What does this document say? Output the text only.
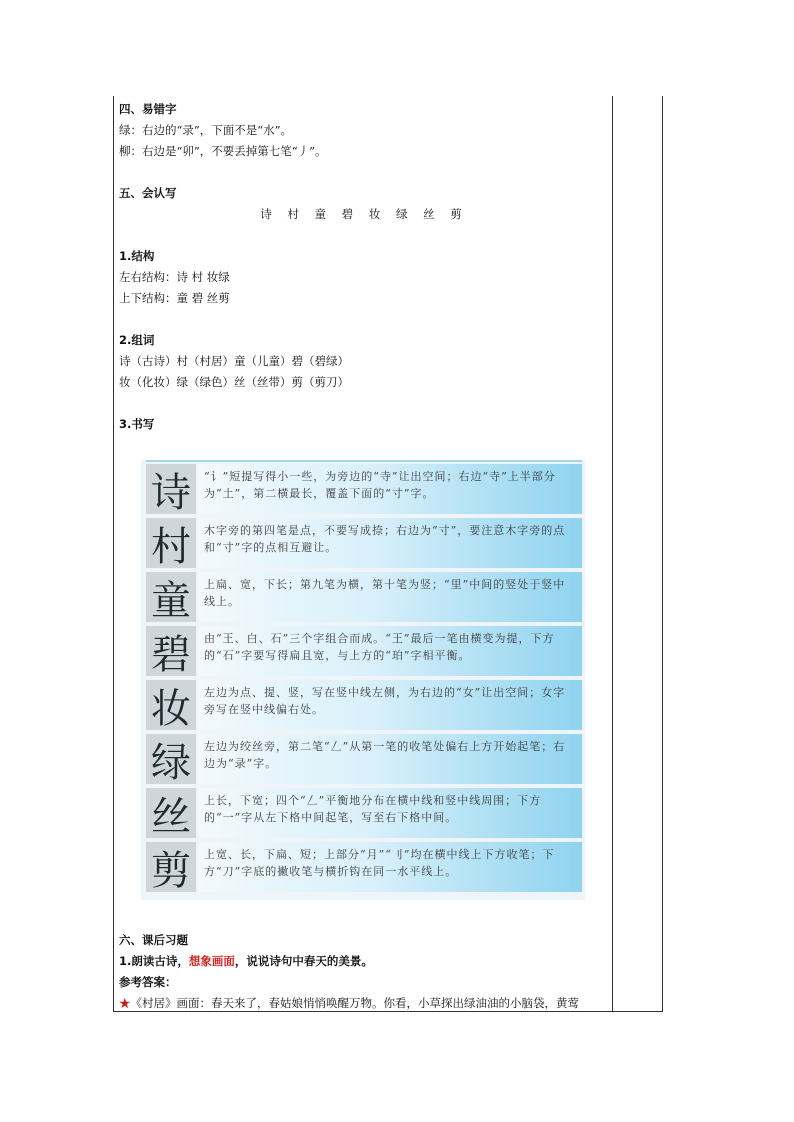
四、易错字
绿：右边的“录”，下面不是“水”。
柳：右边是“卯”，不要丢掉第七笔“丿”。
五、会认写
诗 村 童 碧 妆 绿 丝 剪
1.结构
左右结构：诗 村 妆绿
上下结构：童 碧 丝剪
2.组词
诗（古诗）村（村居）童（儿童）碧（碧绿）
妆（化妆）绿（绿色）丝（丝带）剪（剪刀）
3.书写
诗	“讠”短提写得小一些，为旁边的“寺”让出空间；右边“寺”上半部分为“土”，第二横最长，覆盖下面的“寸”字。
村	木字旁的第四笔是点，不要写成捺；右边为“寸”，要注意木字旁的点和“寸”字的点相互避让。
童	上扁、宽，下长；第九笔为横，第十笔为竖；“里”中间的竖处于竖中线上。
碧	由“王、白、石”三个字组合而成。“王”最后一笔由横变为提，下方的“石”字要写得扁且宽，与上方的“珀”字相平衡。
妆	左边为点、提、竖，写在竖中线左侧，为右边的“女”让出空间；女字旁写在竖中线偏右处。
绿	左边为绞丝旁，第二笔“𠃋”从第一笔的收笔处偏右上方开始起笔；右边为“录”字。
丝	上长，下宽；四个“𠃋”平衡地分布在横中线和竖中线周围；下方的“一”字从左下格中间起笔，写至右下格中间。
剪	上宽、长，下扁、短；上部分“月”“刂”均在横中线上下方收笔；下方“刀”字底的撇收笔与横折钩在同一水平线上。
六、课后习题
1.朗读古诗，想象画面，说说诗句中春天的美景。
参考答案：
★《村居》画面：春天来了，春姑娘悄悄唤醒万物。你看，小草探出绿油油的小脑袋，黄莺
